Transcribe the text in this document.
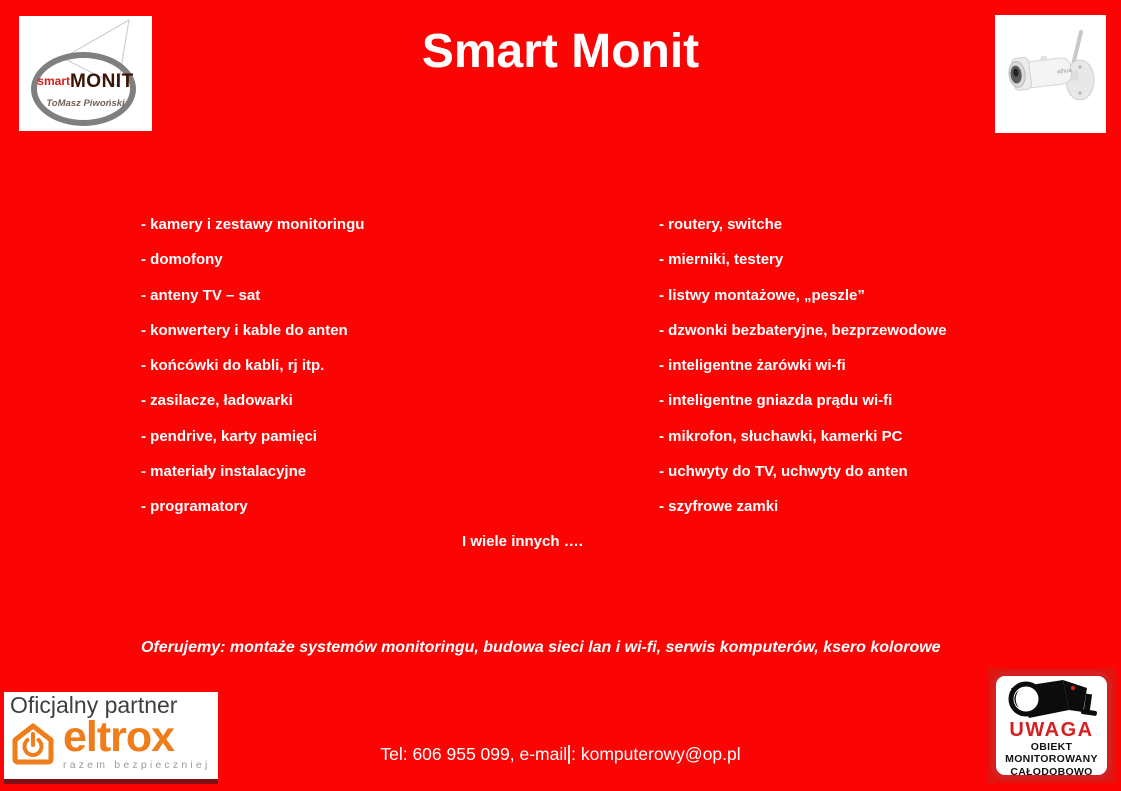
smartMONIT
ToMasz Piwoński
Smart Monit	alhua
- kamery i zestawy monitoringu
- domofony
- anteny TV – sat
- konwertery i kable do anten
- końcówki do kabli, rj itp.
- zasilacze, ładowarki
- pendrive, karty pamięci
- materiały instalacyjne
- programatory
- routery, switche
- mierniki, testery
- listwy montażowe, „peszle”
- dzwonki bezbateryjne, bezprzewodowe
- inteligentne żarówki wi-fi
- inteligentne gniazda prądu wi-fi
- mikrofon, słuchawki, kamerki PC
- uchwyty do TV, uchwyty do anten
- szyfrowe zamki
I wiele innych ….
Oferujemy: montaże systemów monitoringu, budowa sieci lan i wi-fi, serwis komputerów, ksero kolorowe
Tel: 606 955 099, e-mail : komputerowy@op.pl
Oficjalny partner
eltrox
razem bezpieczniej
UWAGA
OBIEKT
MONITOROWANY
CAŁODOBOWO
